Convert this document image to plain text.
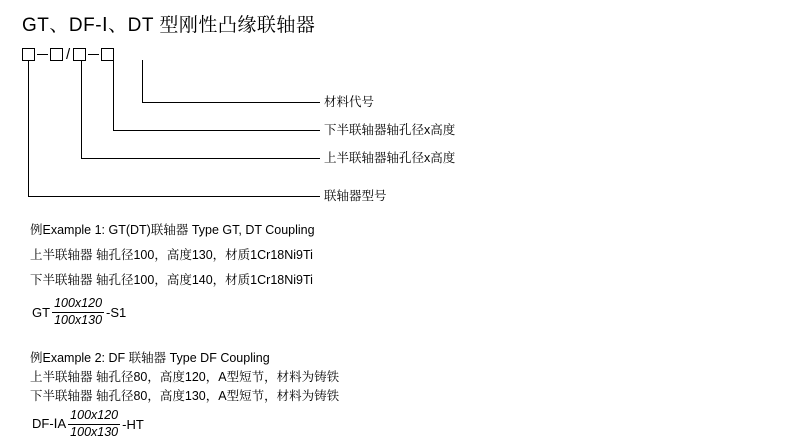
GT、DF-Ⅰ、DT 型刚性凸缘联轴器
/
材料代号
下半联轴器轴孔径x高度
上半联轴器轴孔径x高度
联轴器型号
例Example 1: GT(DT)联轴器 Type GT, DT Coupling
上半联轴器 轴孔径100，高度130，材质1Cr18Ni9Ti
下半联轴器 轴孔径100，高度140，材质1Cr18Ni9Ti
GT $\frac{100x120}{100x130} -S1$
例Example 2: DF 联轴器 Type DF Coupling
上半联轴器 轴孔径80，高度120，A型短节，材料为铸铁
下半联轴器 轴孔径80，高度130，A型短节，材料为铸铁
DF-ⅠA $\frac{100x120}{100x130} -HT$
